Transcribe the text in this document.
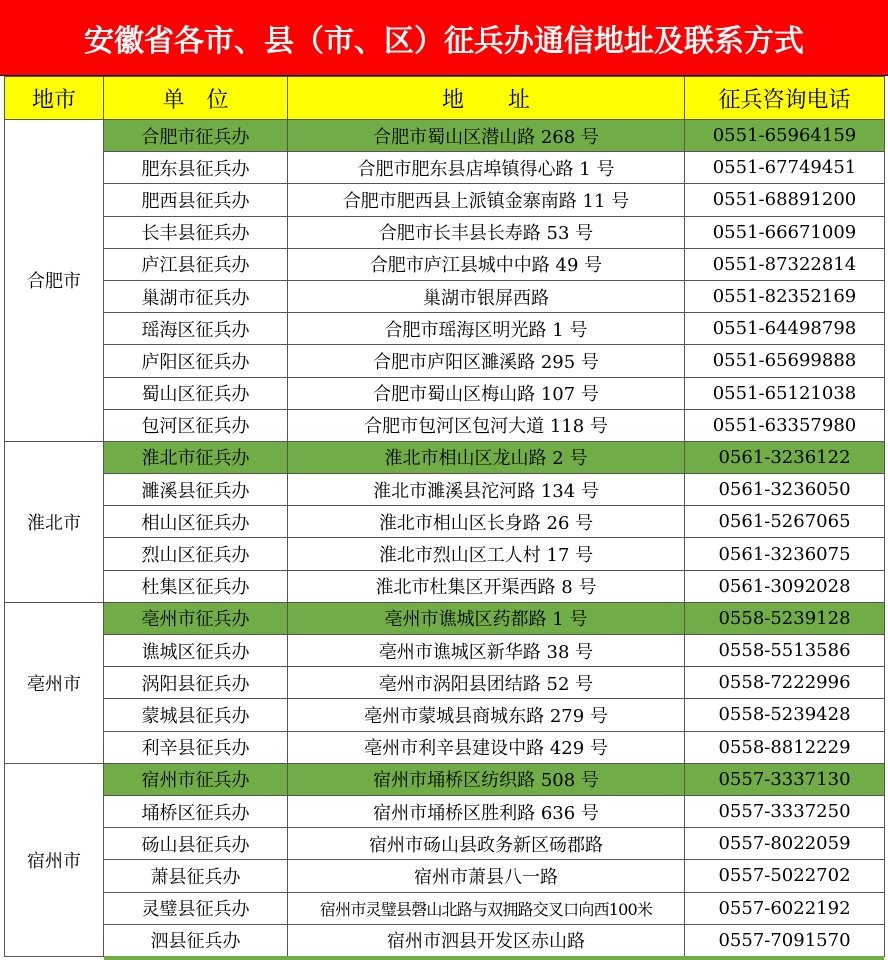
安徽省各市、县（市、区）征兵办通信地址及联系方式
地市	单　位	地　　址	征兵咨询电话
合肥市	合肥市征兵办	合肥市蜀山区潜山路 268 号	0551-65964159
	肥东县征兵办	合肥市肥东县店埠镇得心路 1 号	0551-67749451
	肥西县征兵办	合肥市肥西县上派镇金寨南路 11 号	0551-68891200
	长丰县征兵办	合肥市长丰县长寿路 53 号	0551-66671009
	庐江县征兵办	合肥市庐江县城中中路 49 号	0551-87322814
	巢湖市征兵办	巢湖市银屏西路	0551-82352169
	瑶海区征兵办	合肥市瑶海区明光路 1 号	0551-64498798
	庐阳区征兵办	合肥市庐阳区濉溪路 295 号	0551-65699888
	蜀山区征兵办	合肥市蜀山区梅山路 107 号	0551-65121038
	包河区征兵办	合肥市包河区包河大道 118 号	0551-63357980
淮北市	淮北市征兵办	淮北市相山区龙山路 2 号	0561-3236122
	濉溪县征兵办	淮北市濉溪县沱河路 134 号	0561-3236050
	相山区征兵办	淮北市相山区长身路 26 号	0561-5267065
	烈山区征兵办	淮北市烈山区工人村 17 号	0561-3236075
	杜集区征兵办	淮北市杜集区开渠西路 8 号	0561-3092028
亳州市	亳州市征兵办	亳州市谯城区药都路 1 号	0558-5239128
	谯城区征兵办	亳州市谯城区新华路 38 号	0558-5513586
	涡阳县征兵办	亳州市涡阳县团结路 52 号	0558-7222996
	蒙城县征兵办	亳州市蒙城县商城东路 279 号	0558-5239428
	利辛县征兵办	亳州市利辛县建设中路 429 号	0558-8812229
宿州市	宿州市征兵办	宿州市埇桥区纺织路 508 号	0557-3337130
	埇桥区征兵办	宿州市埇桥区胜利路 636 号	0557-3337250
	砀山县征兵办	宿州市砀山县政务新区砀郡路	0557-8022059
	萧县征兵办	宿州市萧县八一路	0557-5022702
	灵璧县征兵办	宿州市灵璧县磬山北路与双拥路交叉口向西100米	0557-6022192
	泗县征兵办	宿州市泗县开发区赤山路	0557-7091570
